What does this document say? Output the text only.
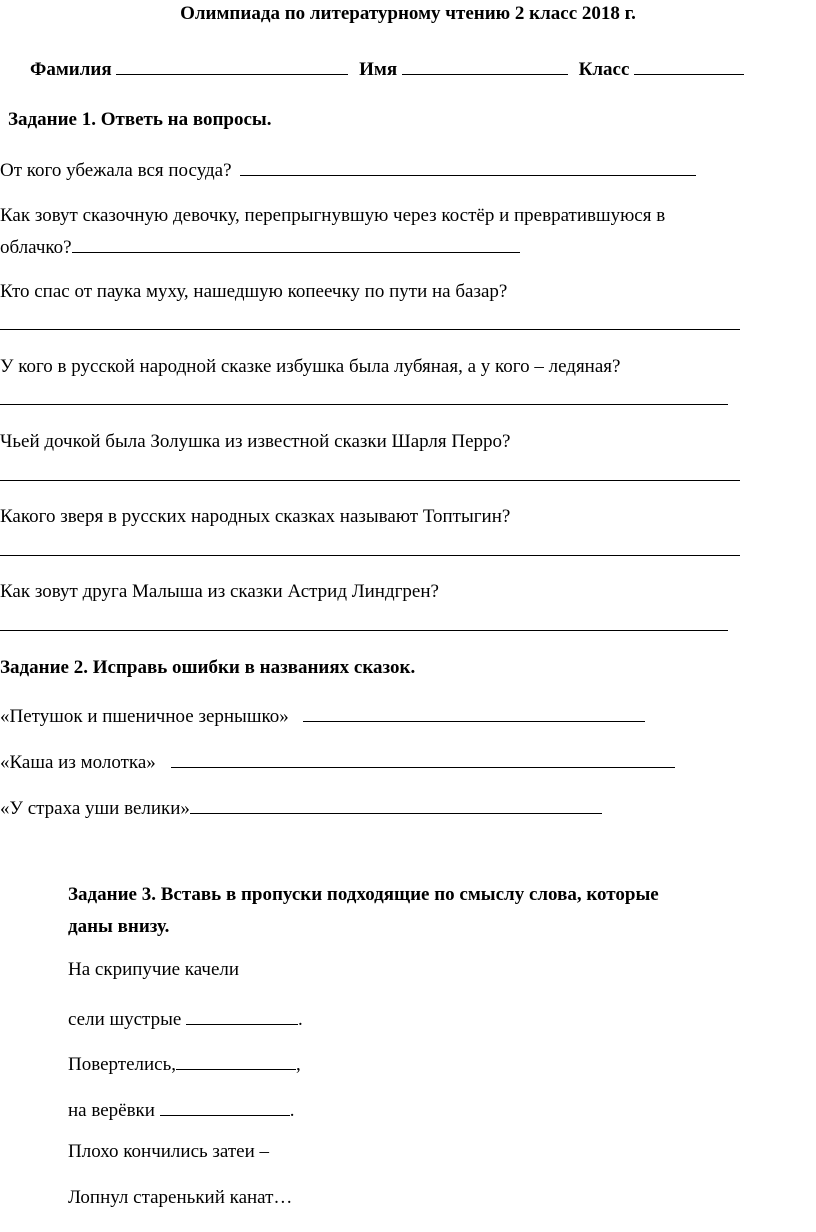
Олимпиада по литературному чтению 2 класс 2018 г.
Фамилия	Имя	Класс
Задание 1. Ответь на вопросы.
От кого убежала вся посуда?
Как зовут сказочную девочку, перепрыгнувшую через костёр и превратившуюся в
облачко?
Кто спас от паука муху, нашедшую копеечку по пути на базар?
У кого в русской народной сказке избушка была лубяная, а у кого – ледяная?
Чьей дочкой была Золушка из известной сказки Шарля Перро?
Какого зверя в русских народных сказках называют Топтыгин?
Как зовут друга Малыша из сказки Астрид Линдгрен?
Задание 2. Исправь ошибки в названиях сказок.
«Петушок и пшеничное зернышко»
«Каша из молотка»
«У страха уши велики»
Задание 3. Вставь в пропуски подходящие по смыслу слова, которые
даны внизу.
На скрипучие качели
сели шустрые	.
Повертелись,	,
на верёвки	.
Плохо кончились затеи –
Лопнул старенький канат…
